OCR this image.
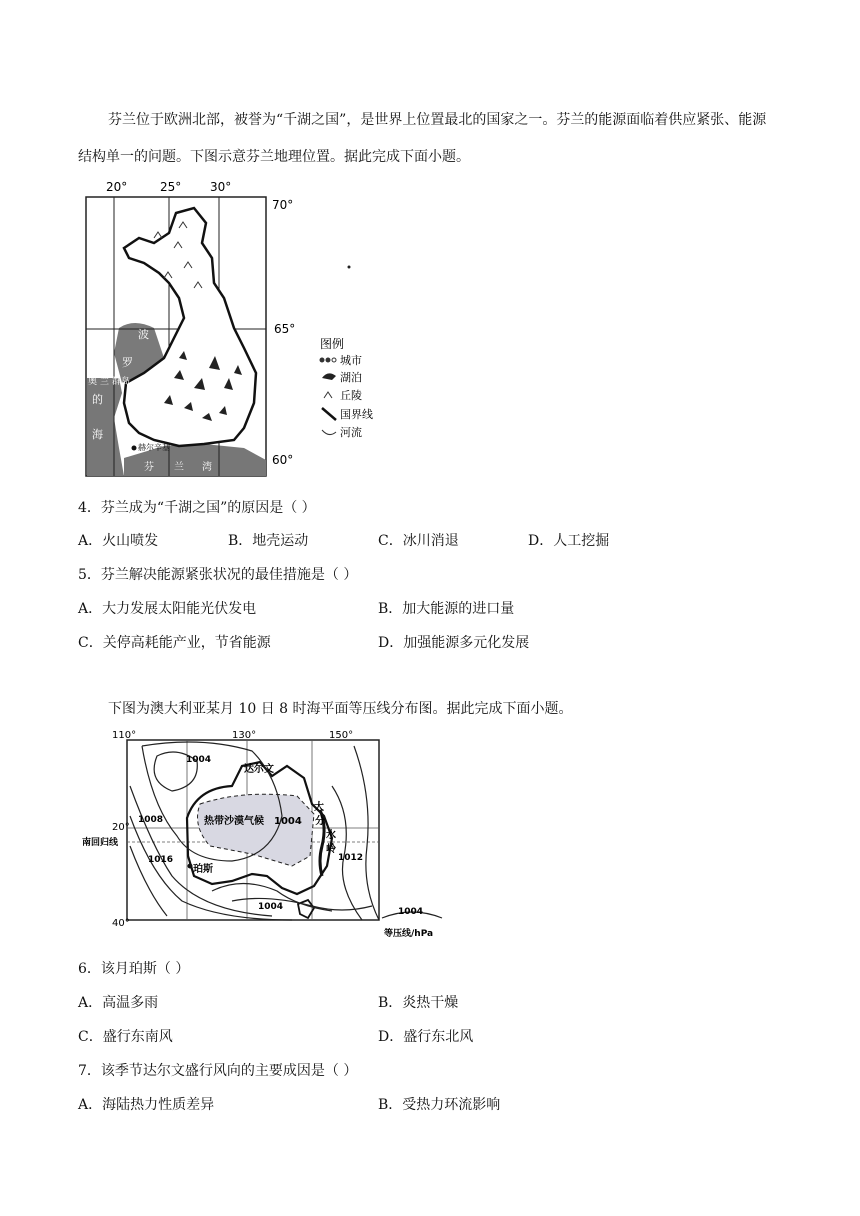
芬兰位于欧洲北部，被誉为“千湖之国”，是世界上位置最北的国家之一。芬兰的能源面临着供应紧张、能源结构单一的问题。下图示意芬兰地理位置。据此完成下面小题。
波
罗
的
海
奥 兰 群岛
赫尔辛基
芬 兰 湾
20°	25° 30°
70°
65°
60°
图例
城市
湖泊
丘陵
国界线
河流
4．芬兰成为“千湖之国”的原因是（ ）
A．火山喷发	B．地壳运动	C．冰川消退	D．人工挖掘
5．芬兰解决能源紧张状况的最佳措施是（ ）
A．大力发展太阳能光伏发电	B．加大能源的进口量
C．关停高耗能产业，节省能源	D．加强能源多元化发展
下图为澳大利亚某月 10 日 8 时海平面等压线分布图。据此完成下面小题。
110°	130°	150°
20°
40°
南回归线
1004
1008
1016
1004
1012
达尔文
热带沙漠气候 1004
大
分
水
岭
珀斯
1004
等压线/hPa
6．该月珀斯（ ）
A．高温多雨	B．炎热干燥
C．盛行东南风	D．盛行东北风
7．该季节达尔文盛行风向的主要成因是（ ）
A．海陆热力性质差异	B．受热力环流影响
